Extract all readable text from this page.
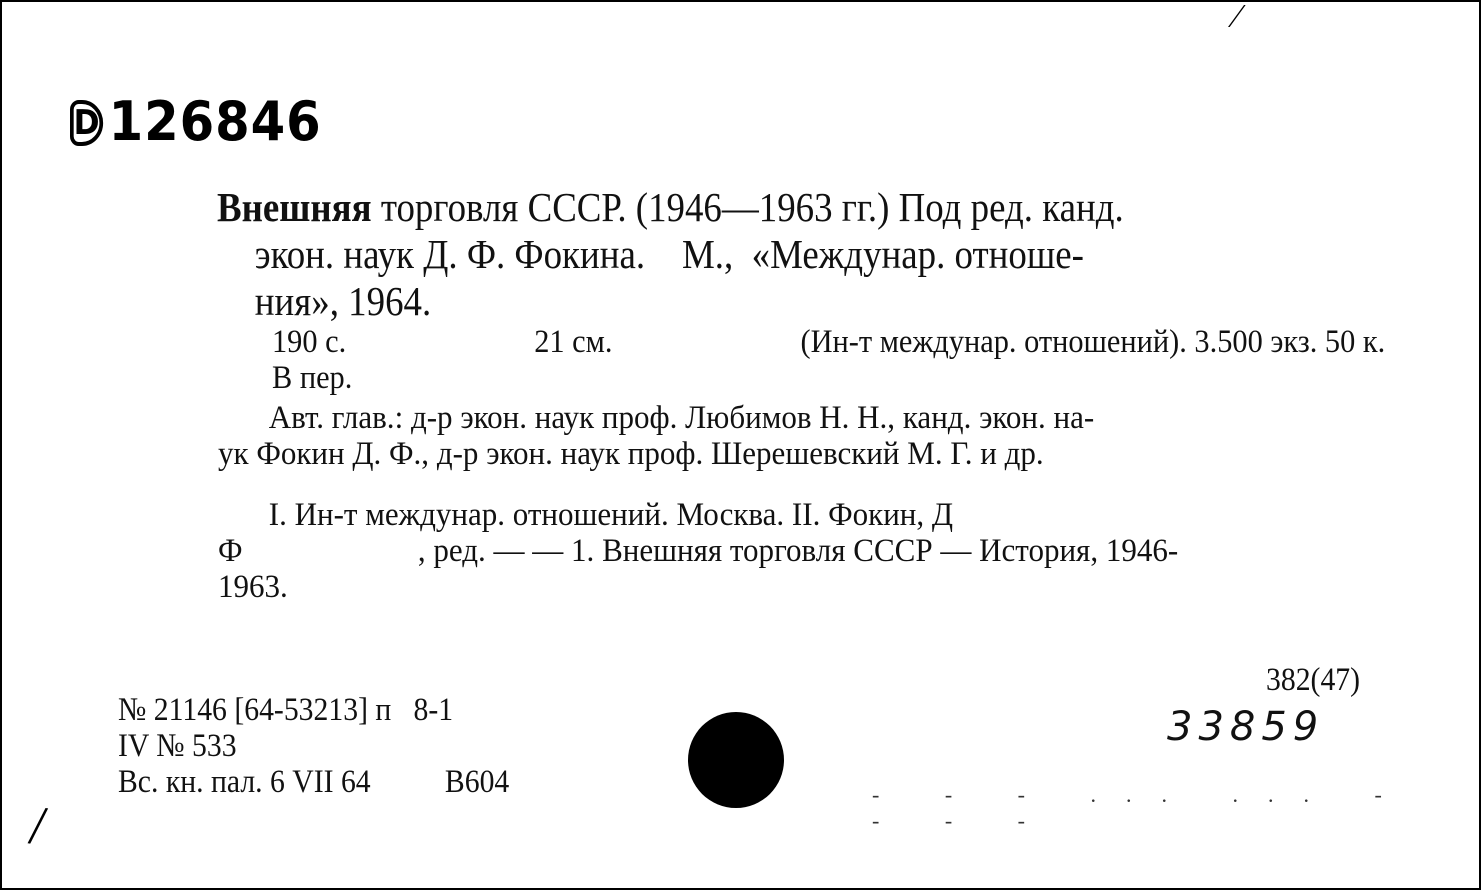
⁄
D 126846
Внешняя торговля СССР. (1946—1963 гг.) Под ред. канд.
экон. наук Д. Ф. Фокина.    М.,  «Междунар. отноше-
ния», 1964.
190 с.	21 см.	(Ин-т междунар. отношений). 3.500 экз. 50 к.
В пер.
Авт. глав.: д-р экон. наук проф. Любимов Н. Н., канд. экон. на-
ук Фокин Д. Ф., д-р экон. наук проф. Шерешевский М. Г. и др.
I. Ин-т междунар. отношений. Москва. II. Фокин, Д
Ф	, ред. — — 1. Внешняя торговля СССР — История, 1946-
1963.
№ 21146 [64-53213] п   8-1
IV № 533
Вс. кн. пал. 6 VII 64 В604
382(47)
33859
- - - ... ... - - - -
/
